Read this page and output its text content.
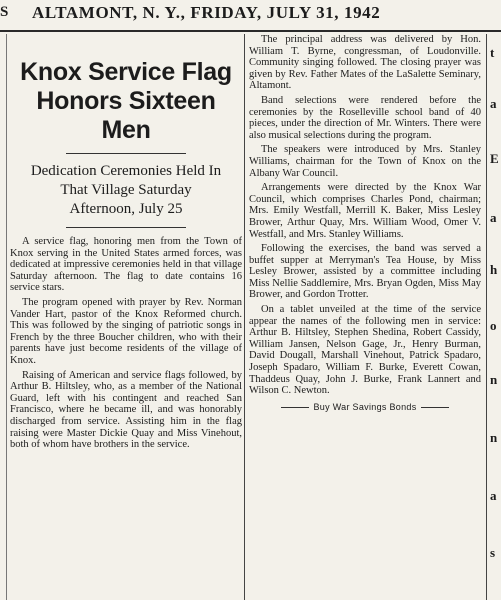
S ALTAMONT, N. Y., FRIDAY, JULY 31, 1942
Knox Service Flag
Honors Sixteen Men
Dedication Ceremonies Held In
That Village Saturday
Afternoon, July 25

A service flag, honoring men from the Town of Knox serving in the United States armed forces, was dedicated at impressive ceremonies held in that village Saturday afternoon. The flag to date contains 16 service stars.

The program opened with prayer by Rev. Norman Vander Hart, pastor of the Knox Reformed church. This was followed by the singing of patriotic songs in French by the three Boucher children, who with their parents have just become residents of the village of Knox.

Raising of American and service flags followed, by Arthur B. Hiltsley, who, as a member of the National Guard, left with his contingent and reached San Francisco, where he became ill, and was honorably discharged from service. Assisting him in the flag raising were Master Dickie Quay and Miss Vinehout, both of whom have brothers in the service.

The principal address was delivered by Hon. William T. Byrne, congressman, of Loudonville. Community singing followed. The closing prayer was given by Rev. Father Mates of the LaSalette Seminary, Altamont.

Band selections were rendered before the ceremonies by the Roselleville school band of 40 pieces, under the direction of Mr. Winters. There were also musical selections during the program.

The speakers were introduced by Mrs. Stanley Williams, chairman for the Town of Knox on the Albany War Council.

Arrangements were directed by the Knox War Council, which comprises Charles Pond, chairman; Mrs. Emily Westfall, Merrill K. Baker, Miss Lesley Brower, Arthur Quay, Mrs. William Wood, Omer V. Westfall, and Mrs. Stanley Williams.

Following the exercises, the band was served a buffet supper at Merryman's Tea House, by Miss Lesley Brower, assisted by a committee including Miss Nellie Saddlemire, Mrs. Bryan Ogden, Miss May Brower, and Gordon Trotter.

On a tablet unveiled at the time of the service appear the names of the following men in service: Arthur B. Hiltsley, Stephen Shedina, Robert Cassidy, William Jansen, Nelson Gage, Jr., Henry Burman, David Dougall, Marshall Vinehout, Patrick Spadaro, Joseph Spadaro, William F. Burke, Everett Cowan, Thaddeus Quay, John J. Burke, Frank Lannert and Wilson C. Newton.

Buy War Savings Bonds
t
a
E
a
h
o
n
n
a
s
